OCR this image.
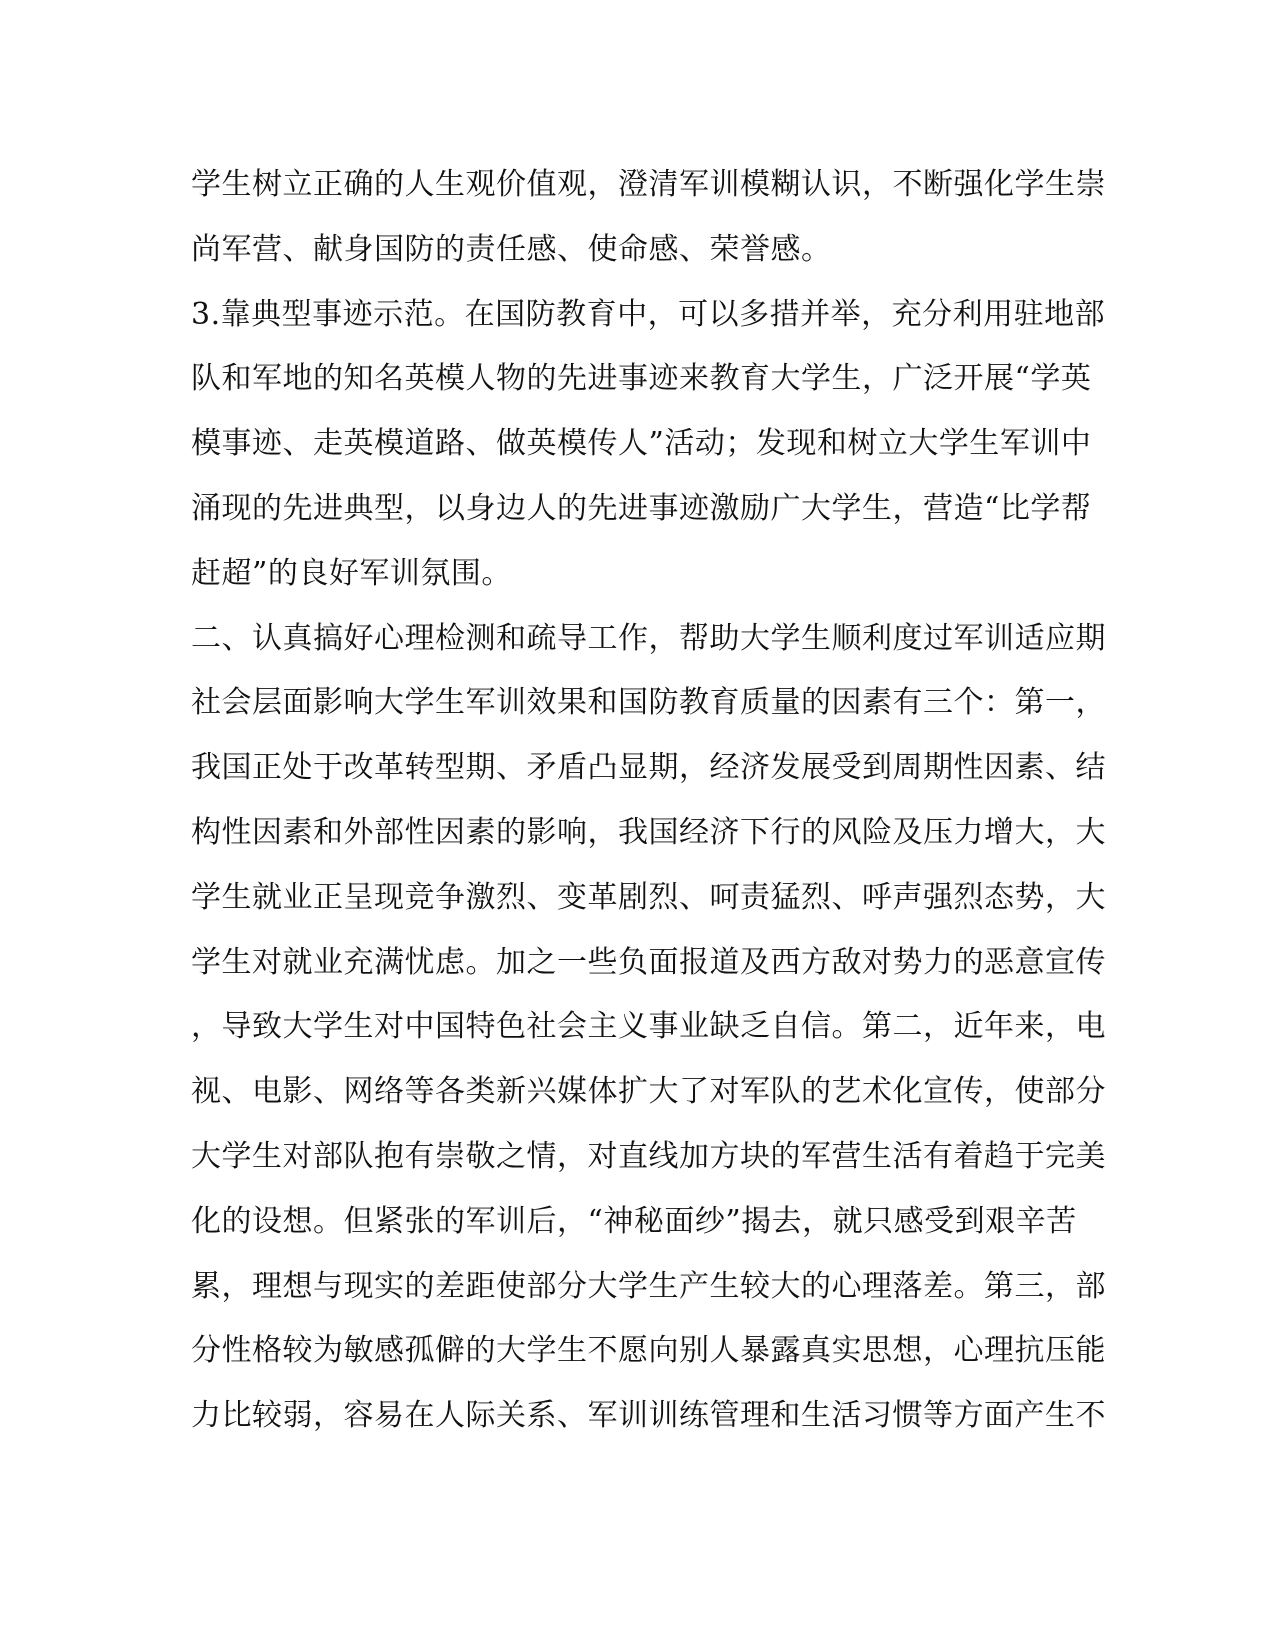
学生树立正确的人生观价值观，澄清军训模糊认识，不断强化学生崇
尚军营、献身国防的责任感、使命感、荣誉感。
3.靠典型事迹示范。在国防教育中，可以多措并举，充分利用驻地部
队和军地的知名英模人物的先进事迹来教育大学生，广泛开展“学英
模事迹、走英模道路、做英模传人”活动；发现和树立大学生军训中
涌现的先进典型，以身边人的先进事迹激励广大学生，营造“比学帮
赶超”的良好军训氛围。
二、认真搞好心理检测和疏导工作，帮助大学生顺利度过军训适应期
社会层面影响大学生军训效果和国防教育质量的因素有三个：第一，
我国正处于改革转型期、矛盾凸显期，经济发展受到周期性因素、结
构性因素和外部性因素的影响，我国经济下行的风险及压力增大，大
学生就业正呈现竞争激烈、变革剧烈、呵责猛烈、呼声强烈态势，大
学生对就业充满忧虑。加之一些负面报道及西方敌对势力的恶意宣传
，导致大学生对中国特色社会主义事业缺乏自信。第二，近年来，电
视、电影、网络等各类新兴媒体扩大了对军队的艺术化宣传，使部分
大学生对部队抱有崇敬之情，对直线加方块的军营生活有着趋于完美
化的设想。但紧张的军训后，“神秘面纱”揭去，就只感受到艰辛苦
累，理想与现实的差距使部分大学生产生较大的心理落差。第三，部
分性格较为敏感孤僻的大学生不愿向别人暴露真实思想，心理抗压能
力比较弱，容易在人际关系、军训训练管理和生活习惯等方面产生不
